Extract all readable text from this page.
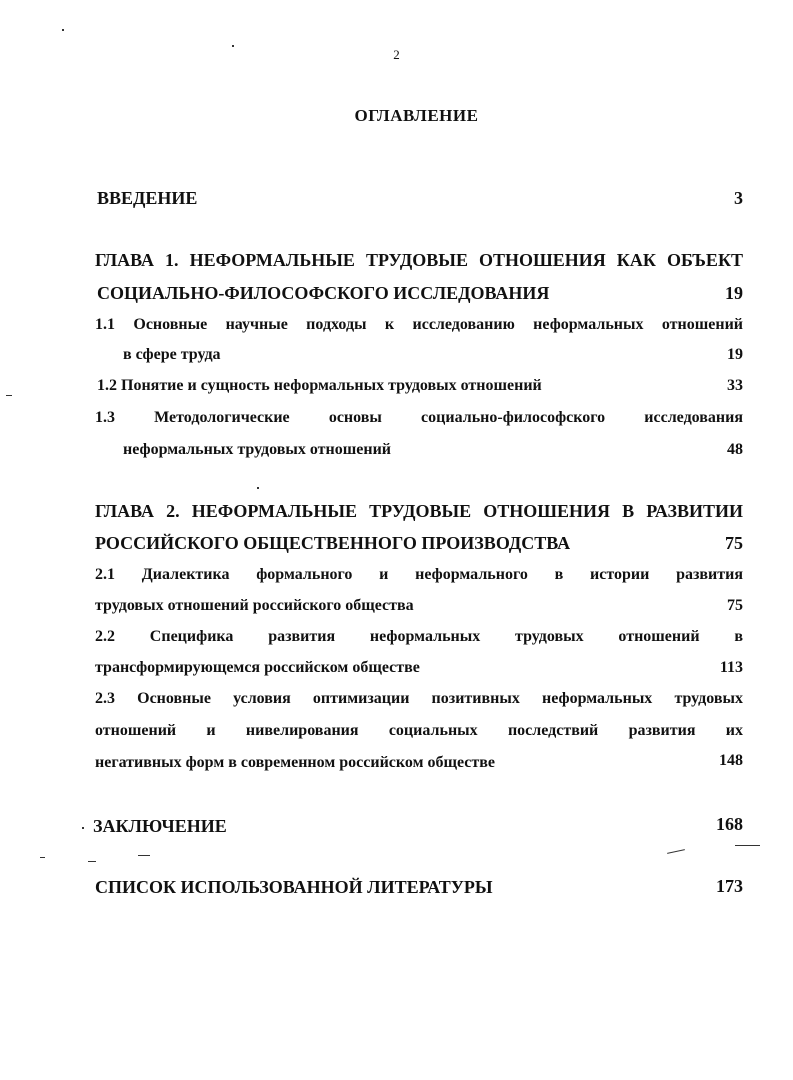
2
ОГЛАВЛЕНИЕ
ВВЕДЕНИЕ	3
ГЛАВА 1. НЕФОРМАЛЬНЫЕ ТРУДОВЫЕ ОТНОШЕНИЯ КАК ОБЪЕКТ
СОЦИАЛЬНО-ФИЛОСОФСКОГО ИССЛЕДОВАНИЯ	19
1.1 Основные научные подходы к исследованию неформальных отношений
в сфере труда	19
1.2 Понятие и сущность неформальных трудовых отношений	33
1.3 Методологические основы социально-философского исследования
неформальных трудовых отношений	48
ГЛАВА 2. НЕФОРМАЛЬНЫЕ ТРУДОВЫЕ ОТНОШЕНИЯ В РАЗВИТИИ
РОССИЙСКОГО ОБЩЕСТВЕННОГО ПРОИЗВОДСТВА	75
2.1 Диалектика формального и неформального в истории развития
трудовых отношений российского общества	75
2.2 Специфика развития неформальных трудовых отношений в
трансформирующемся российском обществе	113
2.3 Основные условия оптимизации позитивных неформальных трудовых
отношений и нивелирования социальных последствий развития их
негативных форм в современном российском обществе	148
ЗАКЛЮЧЕНИЕ	168
СПИСОК ИСПОЛЬЗОВАННОЙ ЛИТЕРАТУРЫ	173
